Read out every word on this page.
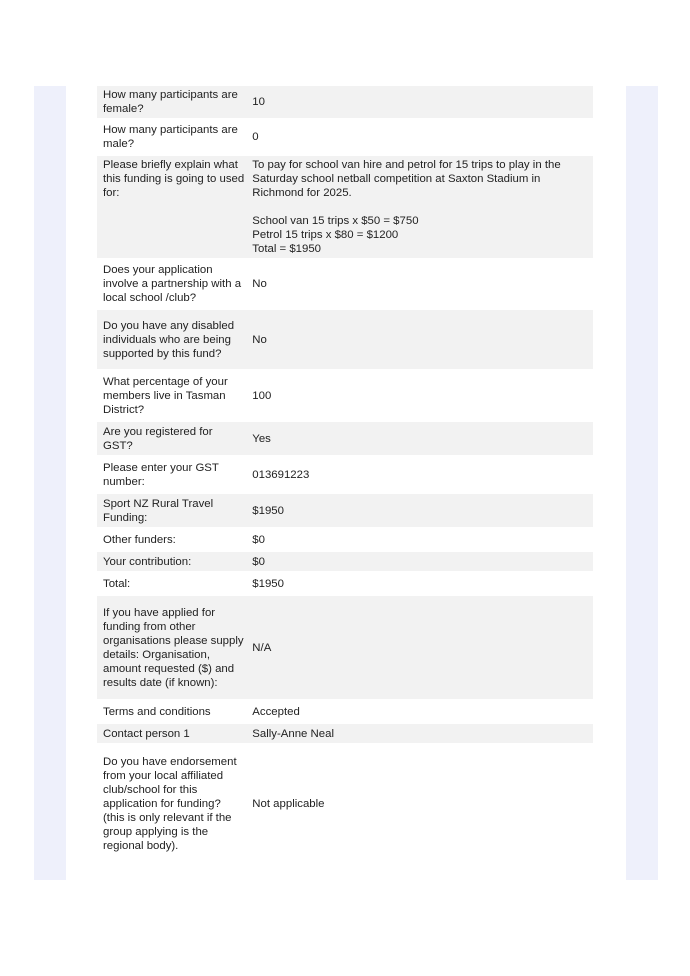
How many participants are female?	10
How many participants are male?	0
Please briefly explain what this funding is going to used for:	To pay for school van hire and petrol for 15 trips to play in the Saturday school netball competition at Saxton Stadium in Richmond for 2025.
School van 15 trips x $50 = $750
Petrol 15 trips x $80 = $1200
Total = $1950

Does your application involve a partnership with a local school /club?	No
Do you have any disabled individuals who are being supported by this fund?	No
What percentage of your members live in Tasman District?	100
Are you registered for GST?	Yes
Please enter your GST number:	013691223
Sport NZ Rural Travel Funding:	$1950
Other funders:	$0
Your contribution:	$0
Total:	$1950
If you have applied for funding from other organisations please supply details: Organisation, amount requested ($) and results date (if known):	N/A
Terms and conditions	Accepted
Contact person 1	Sally-Anne Neal
Do you have endorsement from your local affiliated club/school for this application for funding? (this is only relevant if the group applying is the regional body).	Not applicable
